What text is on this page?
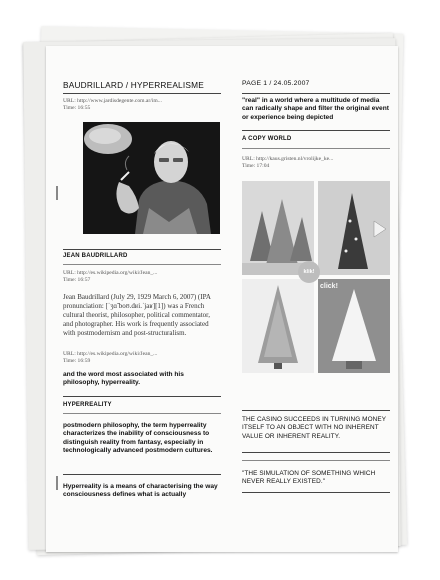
BAUDRILLARD / HYPERREALISME
URL: http://www.jardisdegente.com.ar/im...
Time: 16:55
JEAN BAUDRILLARD
URL: http://es.wikipedia.org/wiki/Jean_...
Time: 16:57
Jean Baudrillard (July 29, 1929 March 6, 2007) (IPA pronunciation: [ˈʒɑ̃ boʊ.dʁi.ˈjaʁ][1]) was a French cultural theorist, philosopher, political commentator, and photographer. His work is frequently associated with postmodernism and post-structuralism.
URL: http://es.wikipedia.org/wiki/Jean_...
Time: 16:59
and the word most associated with his philosophy, hyperreality.
HYPERREALITY
postmodern philosophy, the term hyperreality characterizes the inability of consciousness to distinguish reality from fantasy, especially in technologically advanced postmodern cultures.
Hyperreality is a means of characterising the way consciousness defines what is actually
PAGE 1 / 24.05.2007
"real" in a world where a multitude of media can radically shape and filter the original event or experience being depicted
A COPY WORLD
URL: http://kaus.gristen.nl/vrolijke_ke...
Time: 17:04
klik!
click!
THE CASINO SUCCEEDS IN TURNING MONEY ITSELF TO AN OBJECT WITH NO INHERENT VALUE OR INHERENT REALITY.
"THE SIMULATION OF SOMETHING WHICH NEVER REALLY EXISTED."
